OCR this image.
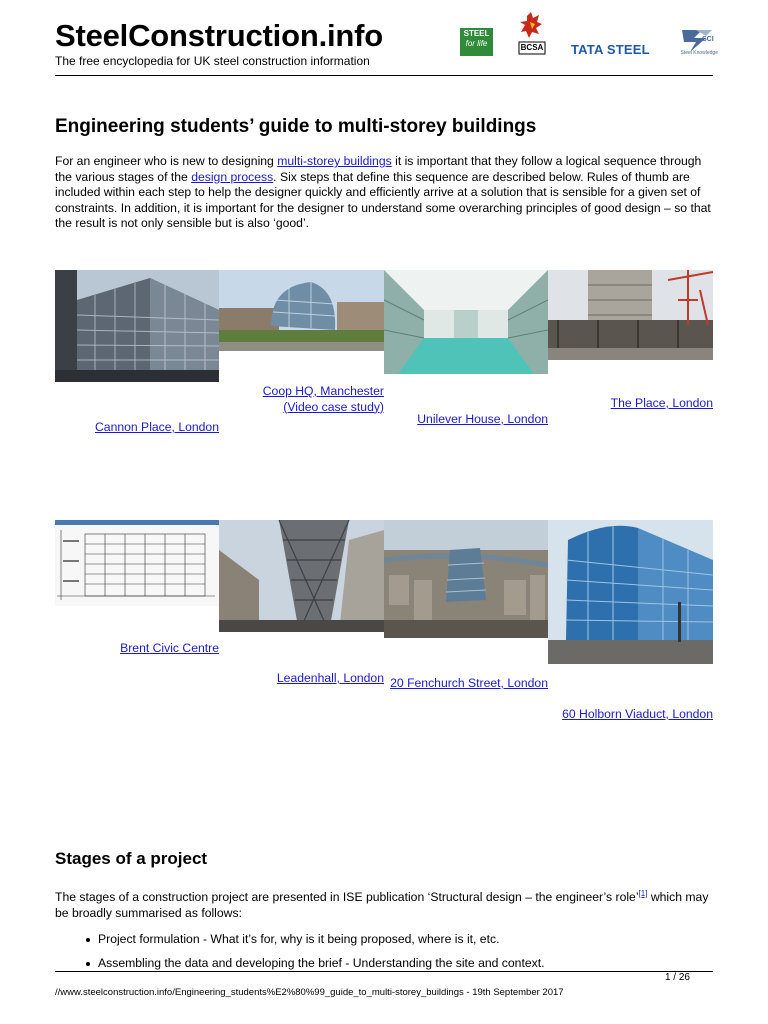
SteelConstruction.info
The free encyclopedia for UK steel construction information
STEEL
for life	BCSA TATA STEEL
SCI
Steel Knowledge
Engineering students’ guide to multi-storey buildings
For an engineer who is new to designing multi-storey buildings it is important that they follow a logical sequence through the various stages of the design process. Six steps that define this sequence are described below. Rules of thumb are included within each step to help the designer quickly and efficiently arrive at a solution that is sensible for a given set of constraints. In addition, it is important for the designer to understand some overarching principles of good design – so that the result is not only sensible but is also ‘good’.
Cannon Place, London
Coop HQ, Manchester
(Video case study)
Unilever House, London
The Place, London
Brent Civic Centre
Leadenhall, London 20 Fenchurch Street, London
60 Holborn Viaduct, London
Stages of a project
The stages of a construction project are presented in ISE publication ‘Structural design – the engineer’s role’[1] which may be broadly summarised as follows:
Project formulation - What it’s for, why is it being proposed, where is it, etc.
Assembling the data and developing the brief - Understanding the site and context.
1 / 26
//www.steelconstruction.info/Engineering_students%E2%80%99_guide_to_multi-storey_buildings - 19th September 2017
